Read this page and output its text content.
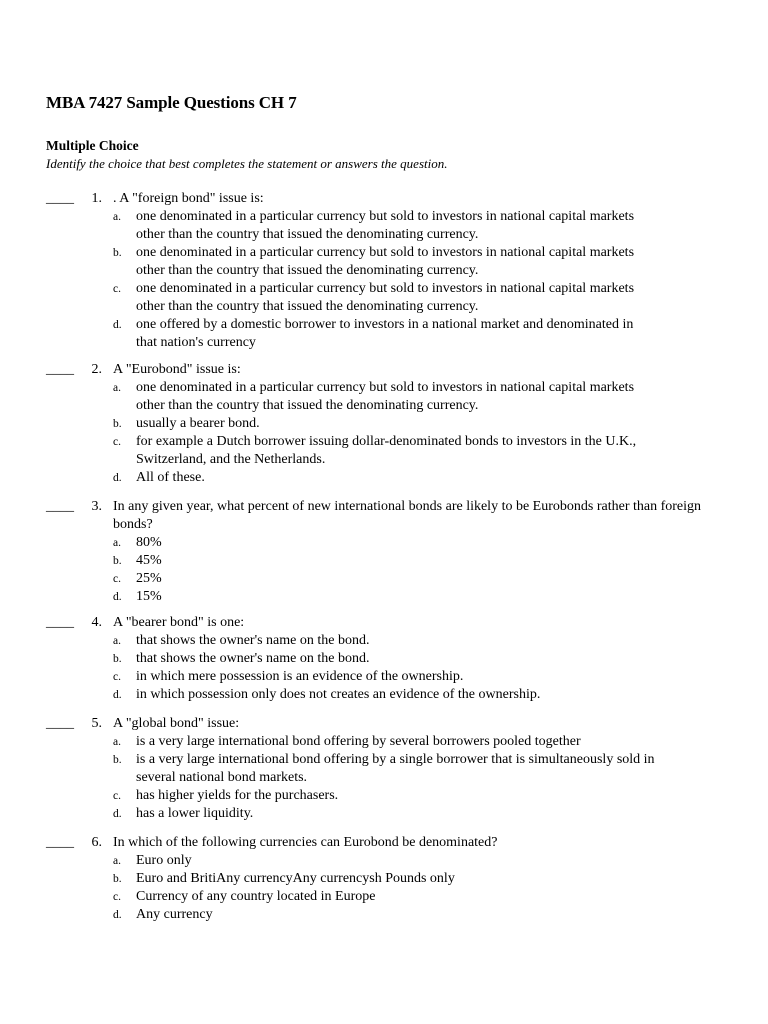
MBA 7427 Sample Questions CH 7
Multiple Choice
Identify the choice that best completes the statement or answers the question.
____	1. . A "foreign bond" issue is:
a. one denominated in a particular currency but sold to investors in national capital markets other than the country that issued the denominating currency.
b. one denominated in a particular currency but sold to investors in national capital markets other than the country that issued the denominating currency.
c. one denominated in a particular currency but sold to investors in national capital markets other than the country that issued the denominating currency.
d. one offered by a domestic borrower to investors in a national market and denominated in that nation's currency
____	2. A "Eurobond" issue is:
a. one denominated in a particular currency but sold to investors in national capital markets other than the country that issued the denominating currency.
b. usually a bearer bond.
c. for example a Dutch borrower issuing dollar-denominated bonds to investors in the U.K., Switzerland, and the Netherlands.
d. All of these.
____	3. In any given year, what percent of new international bonds are likely to be Eurobonds rather than foreign bonds?
a. 80%
b. 45%
c. 25%
d. 15%
____	4. A "bearer bond" is one:
a. that shows the owner's name on the bond.
b. that shows the owner's name on the bond.
c. in which mere possession is an evidence of the ownership.
d. in which possession only does not creates an evidence of the ownership.
____	5. A "global bond" issue:
a. is a very large international bond offering by several borrowers pooled together
b. is a very large international bond offering by a single borrower that is simultaneously sold in several national bond markets.
c. has higher yields for the purchasers.
d. has a lower liquidity.
____	6. In which of the following currencies can Eurobond be denominated?
a. Euro only
b. Euro and BritiAny currencyAny currencysh Pounds only
c. Currency of any country located in Europe
d. Any currency
